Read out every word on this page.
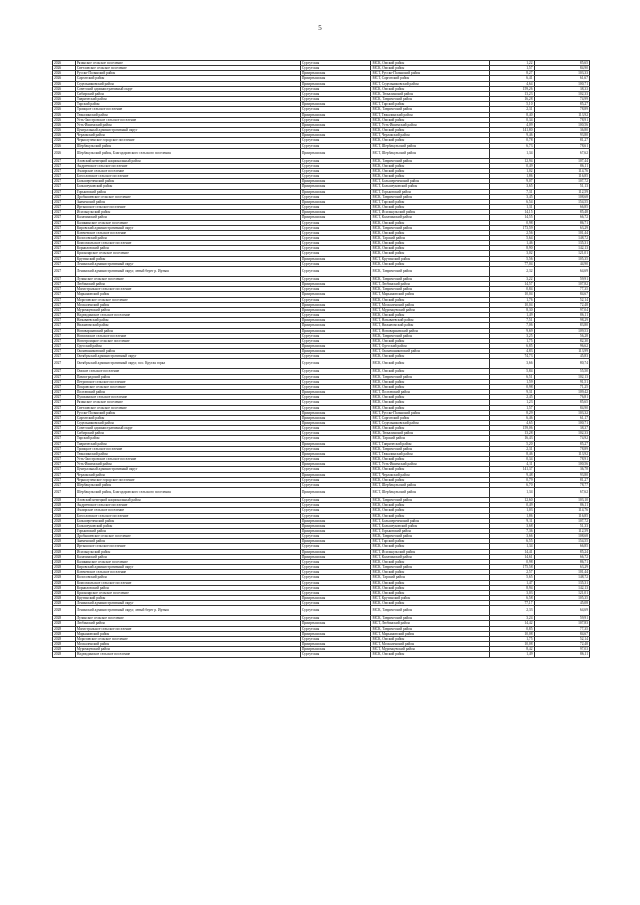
5
2026	Рязанское сельское поселение	Сургутская	МСК, Омский район	1,22	85,65
2026	Светловское сельское поселение	Сургутская	МСК, Омский район	1,57	84,90
2026	Русско-Полянский район	Прииртышская	МСТ, Русско-Полянский район	8,27	103,33
2026	Саргатский район	Прииртышская	МСТ, Саргатский район	6,41	61,67
2026	Седельниковский район	Прииртышская	МСТ, Седельниковский район	4,64	100,71
2026	Советский административный округ	Сургутская	МСК, Омский район	159,26	38,33
2026	Сибирский район	Сургутская	МСК, Тюкалинский район	13,23	102,33
2026	Таврический район	Сургутская	МСК, Таврический район	16,28	74,99
2026	Тарский район	Прииртышская	МСТ, Тарский район	5,10	85,27
2026	Троицкое сельское поселение	Сургутская	МСК, Таврический район	2,31	78,89
2026	Тюкалинский район	Прииртышская	МСТ, Тюкалинский район	8,40	113,92
2026	Усть-Заостровское сельское поселение	Сургутская	МСК, Омский район	0,34	78,91
2026	Усть-Ишимский район	Прииртышская	МСТ, Усть-Ишимский район	4,09	100,56
2026	Центральный административный округ	Сургутская	МСК, Омский район	141,80	36,80
2026	Черлакский район	Прииртышская	МСТ, Черлакский район	9,46	93,80
2026	Чернолученское городское поселение	Сургутская	МСК, Омский район	0,78	81,27
2026	Шербакульский район	Сургутская	МСТ, Шербакульский район	6,73	78,61
2026	Шербакульский район, Благодаровского сельского поселения	Прииртышская	МСТ, Шербакульский район	1,34	67,62
2027	Азовский немецкий национальный район	Сургутская	МСК, Таврический район	12,94	107,44
2027	Андреевское сельское поселение	Сургутская	МСК, Омский район	0,49	86,11
2027	Ачаирское сельское поселение	Сургутская	МСК, Омский район	1,02	114,76
2027	Богословское сельское поселение	Сургутская	МСК, Омский район	1,86	116,85
2027	Большереченский район	Прииртышская	МСТ, Большереченский район	9,07	107,72
2027	Большеуковский район	Прииртышская	МСТ, Большеуковский район	3,65	51,13
2027	Горьковский район	Прииртышская	МСТ, Горьковский район	7,31	112,59
2027	Дробышевское сельское поселение	Сургутская	МСК, Таврический район	3,45	108,68
2027	Знаменский район	Прииртышская	МСТ, Тарский район	6,54	154,55
2027	Иртышское сельское поселение	Сургутская	МСК, Омский район	1,31	66,85
2027	Исилькульский район	Прииртышская	МСТ, Исилькульский район	14,15	85,48
2027	Калачинский район	Прииртышская	МСТ, Калачинский район	14,55	66,72
2027	Калининское сельское поселение	Сургутская	МСК, Омский район	0,98	86,71
2027	Кировский административный округ	Сургутская	МСК, Таврический район	173,59	63,29
2027	Ключевское сельское поселение	Сургутская	МСК, Омский район	2,56	101,44
2027	Колосовский район	Сургутская	МСК, Тарский район	5,64	148,72
2027	Комсомольское сельское поселение	Сургутская	МСК, Омский район	1,46	135,31
2027	Корниловский район	Сургутская	МСК, Омский район	8,90	142,13
2027	Красноярское сельское поселение	Сургутская	МСК, Омский район	3,02	121,01
2027	Крутинский район	Прииртышская	МСТ, Крутинский район	5,56	105,35
2027	Ленинский административный округ	Сургутская	МСК, Омский район	77,04	44,90
2027	Ленинский административный округ, левый берег р. Иртыш	Сургутская	МСК, Таврический район	2,32	64,69
2027	Лузинское сельское поселение	Сургутская	МСК, Таврический район	3,22	59,91
2027	Любинский район	Прииртышская	МСТ, Любинский район	14,57	107,82
2027	Магистральное сельское поселение	Сургутская	МСК, Таврический район	0,84	77,35
2027	Марьяновский район	Прииртышская	МСТ, Марьяновский район	10,04	84,67
2027	Морозовское сельское поселение	Сургутская	МСК, Омский район	1,76	52,14
2027	Москаленский район	Прииртышская	МСТ, Москаленский район	10,04	72,48
2027	Муромцевский район	Прииртышская	МСТ, Муромцевский район	8,30	97,04
2027	Надеждинское сельское поселение	Сургутская	МСК, Омский район	1,49	86,11
2027	Называевский район	Прииртышская	МСТ, Называевский район	7,51	98,29
2027	Нижнеомский район	Прииртышская	МСТ, Нижнеомский район	7,06	83,80
2027	Нововаршавский район	Прииртышская	МСТ, Нововаршавский район	9,69	109,53
2027	Новоомское сельское поселение	Сургутская	МСК, Таврический район	3,25	56,28
2027	Новотроицкое сельское поселение	Сургутская	МСК, Омский район	1,75	82,30
2027	Одесский район	Прииртышская	МСТ, Одесский район	6,85	96,62
2027	Оконешниковский район	Прииртышская	МСТ, Оконешниковский район	4,83	113,99
2027	Октябрьский административный округ	Сургутская	МСК, Омский район	74,73	45,83
2027	Октябрьский административный округ, пос. Крутая горка	Сургутская	МСК, Омский район	3,66	80,74
2027	Омское сельское поселение	Сургутская	МСК, Омский район	5,84	55,50
2027	Павлоградский район	Сургутская	МСК, Таврический район	6,51	102,13
2027	Петровское сельское поселение	Сургутская	МСК, Омский район	1,59	91,51
2027	Покровское сельское поселение	Сургутская	МСК, Омский район	0,98	71,25
2027	Полтавский район	Прииртышская	МСТ, Полтавский район	9,31	109,42
2027	Пушкинское сельское поселение	Сургутская	МСК, Омский район	2,45	76,81
2027	Рязанское сельское поселение	Сургутская	МСК, Омский район	1,23	85,65
2027	Светловское сельское поселение	Сургутская	МСК, Омский район	1,57	84,90
2027	Русско-Полянский район	Прииртышская	МСТ, Русско-Полянский район	8,29	103,32
2027	Саргатский район	Прииртышская	МСТ, Саргатский район	6,46	61,17
2027	Седельниковский район	Прииртышская	МСТ, Седельниковский район	4,65	100,71
2027	Советский административный округ	Сургутская	МСК, Омский район	159,06	38,37
2027	Сибирский район	Сургутская	МСК, Тюкалинский район	13,28	102,33
2027	Тарский район	Сургутская	МСК, Тарский район	16,43	74,92
2027	Таврический район	Прииртышская	МСТ, Таврический район	5,20	85,27
2027	Троицкое сельское поселение	Сургутская	МСК, Таврический район	2,31	78,89
2027	Тюкалинский район	Прииртышская	МСТ, Тюкалинский район	8,46	113,92
2027	Усть-Заостровское сельское поселение	Сургутская	МСК, Омский район	0,34	78,91
2027	Усть-Ишимский район	Прииртышская	МСТ, Усть-Ишимский район	4,11	100,56
2027	Центральный административный округ	Сургутская	МСК, Омский район	141,37	36,78
2027	Черлакский район	Прииртышская	МСТ, Черлакский район	9,48	93,80
2027	Чернолученское городское поселение	Сургутская	МСК, Омский район	0,79	81,27
2027	Шербакульский район	Сургутская	МСТ, Шербакульский район	6,70	78,77
2027	Шербакульский район, Благодаровского сельского поселения	Прииртышская	МСТ, Шербакульский район	1,34	67,62
2028	Азовский немецкий национальный район	Сургутская	МСК, Таврический район	12,60	103,10
2028	Андреевское сельское поселение	Сургутская	МСК, Омский район	0,49	86,11
2028	Ачаирское сельское поселение	Сургутская	МСК, Омский район	1,03	114,76
2028	Богословское сельское поселение	Сургутская	МСК, Омский район	1,86	116,85
2028	Большереченский район	Прииртышская	МСТ, Большереченский район	9,11	107,72
2028	Большеуковский район	Прииртышская	МСТ, Большеуковский район	3,68	51,33
2028	Горьковский район	Прииртышская	МСТ, Горьковский район	7,36	112,59
2028	Дробышевское сельское поселение	Сургутская	МСК, Таврический район	3,66	108,68
2028	Знаменский район	Прииртышская	МСТ, Тарский район	6,55	154,55
2028	Иртышское сельское поселение	Сургутская	МСК, Омский район	1,34	66,85
2028	Исилькульский район	Прииртышская	МСТ, Исилькульский район	14,41	85,24
2028	Калачинский район	Прииртышская	МСТ, Калачинский район	14,61	66,72
2028	Калининское сельское поселение	Сургутская	МСК, Омский район	0,98	86,71
2028	Кировский административный округ	Сургутская	МСК, Таврический район	175,58	63,29
2028	Ключевское сельское поселение	Сургутская	МСК, Омский район	2,57	101,44
2028	Колосовский район	Сургутская	МСК, Тарский район	5,65	148,72
2028	Комсомольское сельское поселение	Сургутская	МСК, Омский район	1,47	135,31
2028	Корниловский район	Сургутская	МСК, Омский район	8,94	142,13
2028	Красноярское сельское поселение	Сургутская	МСК, Омский район	3,03	121,01
2028	Крутинский район	Прииртышская	МСТ, Крутинский район	6,58	105,35
2028	Ленинский административный округ	Сургутская	МСК, Омский район	77,17	45,08
2028	Ленинский административный округ, левый берег р. Иртыш	Сургутская	МСК, Таврический район	2,33	64,69
2028	Лузинское сельское поселение	Сургутская	МСК, Таврический район	3,24	59,91
2028	Любинский район	Прииртышская	МСТ, Любинский район	14,42	107,83
2028	Магистральное сельское поселение	Сургутская	МСК, Таврический район	0,85	77,35
2028	Марьяновский район	Прииртышская	МСТ, Марьяновский район	10,08	84,67
2028	Морозовское сельское поселение	Сургутская	МСК, Омский район	1,75	52,14
2028	Москаленский район	Прииртышская	МСТ, Москаленский район	10,08	72,48
2028	Муромцевский район	Прииртышская	МСТ, Муромцевский район	8,42	97,03
2028	Надеждинское сельское поселение	Сургутская	МСК, Омский район	1,49	86,11
